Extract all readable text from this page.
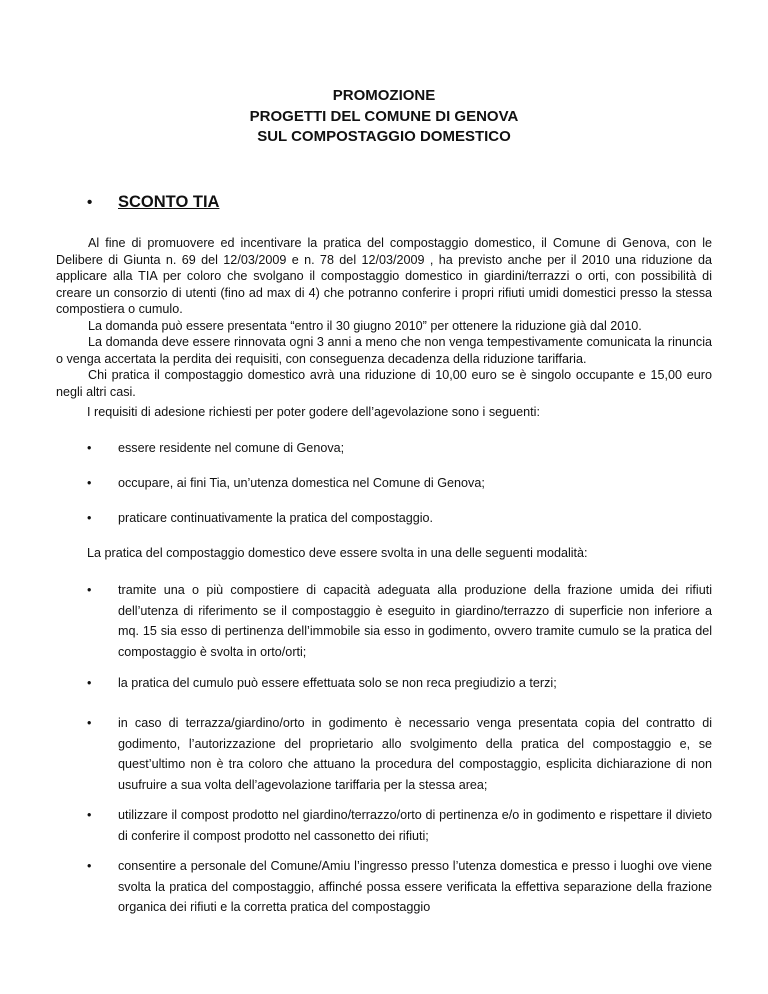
PROMOZIONE
PROGETTI DEL COMUNE DI GENOVA
SUL COMPOSTAGGIO DOMESTICO
• SCONTO TIA

Al fine di promuovere ed incentivare la pratica del compostaggio domestico, il Comune di Genova, con le Delibere di Giunta n. 69 del 12/03/2009 e n. 78 del 12/03/2009 , ha previsto anche per il 2010 una riduzione da applicare alla TIA per coloro che svolgano il compostaggio domestico in giardini/terrazzi o orti, con possibilità di creare un consorzio di utenti (fino ad max di 4) che potranno conferire i propri rifiuti umidi domestici presso la stessa compostiera o cumulo.

La domanda può essere presentata “entro il 30 giugno 2010” per ottenere la riduzione già dal 2010.

La domanda deve essere rinnovata ogni 3 anni a meno che non venga tempestivamente comunicata la rinuncia o venga accertata la perdita dei requisiti, con conseguenza decadenza della riduzione tariffaria.

Chi pratica il compostaggio domestico avrà una riduzione di 10,00 euro se è singolo occupante e 15,00 euro negli altri casi.

I requisiti di adesione richiesti per poter godere dell’agevolazione sono i seguenti:
•	essere residente nel comune di Genova;
•	occupare, ai fini Tia, un’utenza domestica nel Comune di Genova;
•	praticare continuativamente la pratica del compostaggio.
La pratica del compostaggio domestico deve essere svolta in una delle seguenti modalità:
•	tramite una o più compostiere di capacità adeguata alla produzione della frazione umida dei rifiuti dell’utenza di riferimento se il compostaggio è eseguito in giardino/terrazzo di superficie non inferiore a mq. 15 sia esso di pertinenza dell’immobile sia esso in godimento, ovvero tramite cumulo se la pratica del compostaggio è svolta in orto/orti;
•	la pratica del cumulo può essere effettuata solo se non reca pregiudizio a terzi;
•	in caso di terrazza/giardino/orto in godimento è necessario venga presentata copia del contratto di godimento, l’autorizzazione del proprietario allo svolgimento della pratica del compostaggio e, se quest’ultimo non è tra coloro che attuano la procedura del compostaggio, esplicita dichiarazione di non usufruire a sua volta dell’agevolazione tariffaria per la stessa area;
•	utilizzare il compost prodotto nel giardino/terrazzo/orto di pertinenza e/o in godimento e rispettare il divieto di conferire il compost prodotto nel cassonetto dei rifiuti;
•	consentire a personale del Comune/Amiu l’ingresso presso l’utenza domestica e presso i luoghi ove viene svolta la pratica del compostaggio, affinché possa essere verificata la effettiva separazione della frazione organica dei rifiuti e la corretta pratica del compostaggio
